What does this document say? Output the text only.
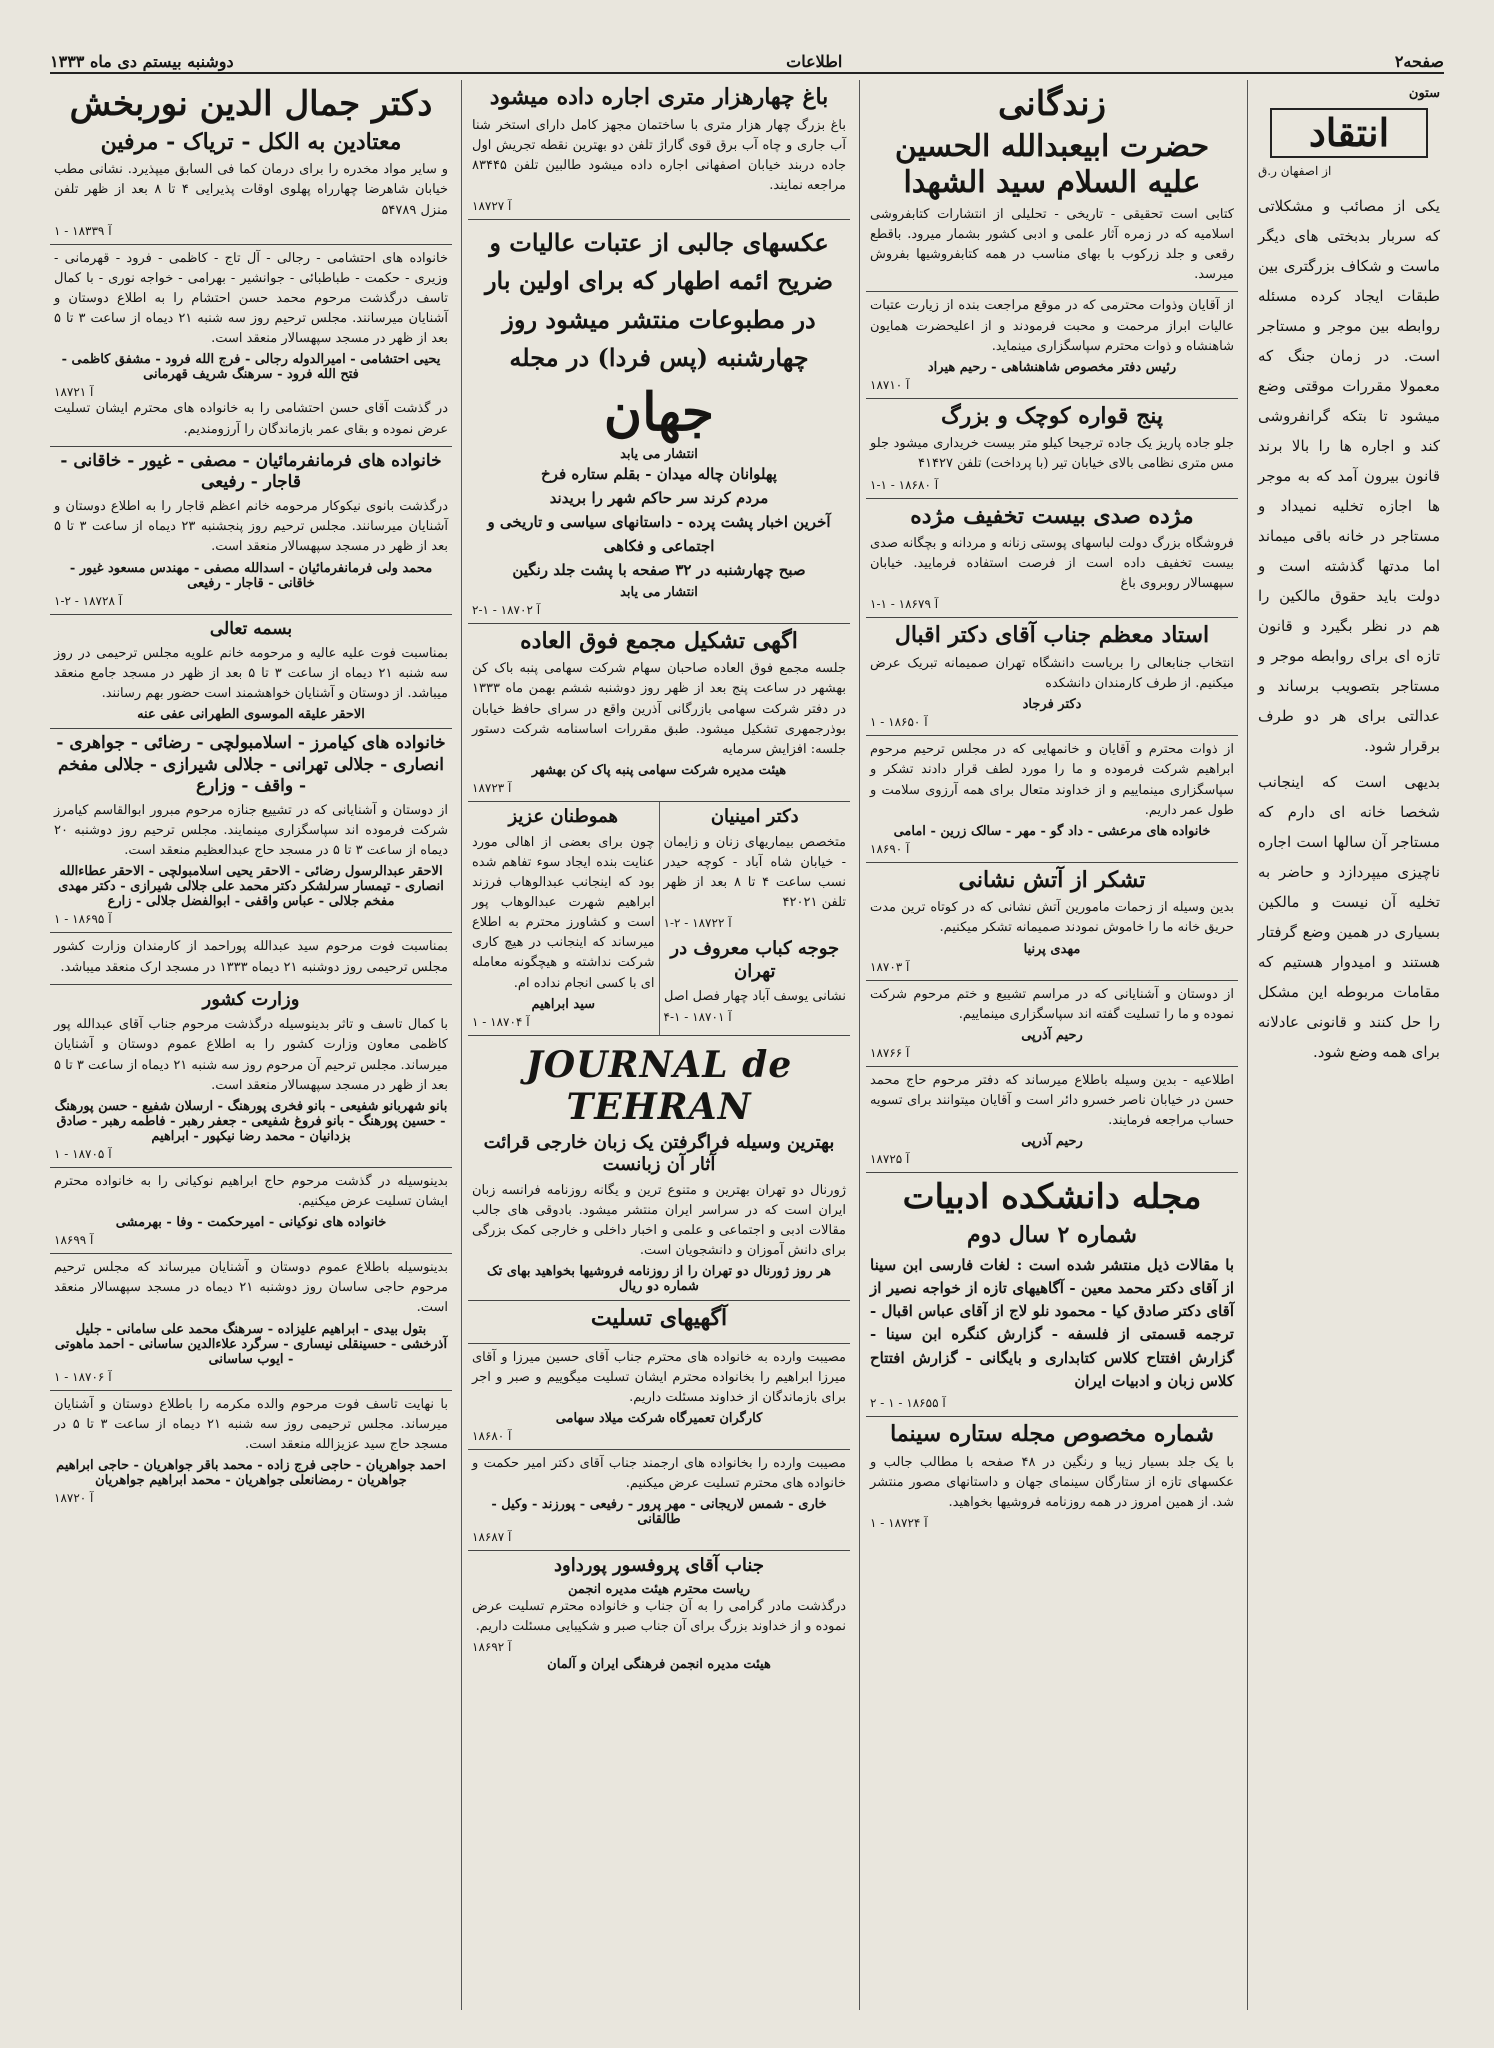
صفحه۲
اطلاعات
دوشنبه بیستم دی ماه ۱۳۳۳

ستون

انتقاد

از اصفهان ر.ق

یکی از مصائب و مشکلاتی که سربار بدبختی های دیگر ماست و شکاف بزرگتری بین طبقات ایجاد کرده مسئله روابطه بین موجر و مستاجر است. در زمان جنگ که معمولا مقررات موقتی وضع میشود تا بتکه گرانفروشی کند و اجاره ها را بالا برند قانون بیرون آمد که به موجر ها اجازه تخلیه نمیداد و مستاجر در خانه باقی میماند اما مدتها گذشته است و دولت باید حقوق مالکین را هم در نظر بگیرد و قانون تازه ای برای روابطه موجر و مستاجر بتصویب برساند و عدالتی برای هر دو طرف برقرار شود.

بدیهی است که اینجانب شخصا خانه ای دارم که مستاجر آن سالها است اجاره ناچیزی میپردازد و حاضر به تخلیه آن نیست و مالکین بسیاری در همین وضع گرفتار هستند و امیدوار هستیم که مقامات مربوطه این مشکل را حل کنند و قانونی عادلانه برای همه وضع شود.

زندگانی
حضرت ابیعبدالله الحسین علیه السلام سید الشهدا

کتابی است تحقیقی - تاریخی - تحلیلی از انتشارات کتابفروشی اسلامیه که در زمره آثار علمی و ادبی کشور بشمار میرود. باقطع رقعی و جلد زرکوب با بهای مناسب در همه کتابفروشیها بفروش میرسد.

از آقایان وذوات محترمی که در موقع مراجعت بنده از زیارت عتبات عالیات ابراز مرحمت و محبت فرمودند و از اعلیحضرت همایون شاهنشاه و ذوات محترم سپاسگزاری مینماید.

رئیس دفتر مخصوص شاهنشاهی - رحیم هیراد
آ ۱۸۷۱۰
پنج قواره کوچک و بزرگ

جلو جاده پاریز یک جاده ترجیحا کیلو متر بیست خریداری میشود جلو مس متری نظامی بالای خیابان تیر (با پرداخت) تلفن ۴۱۴۲۷

آ ۱۸۶۸۰ - ۱-۱
مژده صدی بیست تخفیف مژده

فروشگاه بزرگ دولت لباسهای پوستی زنانه و مردانه و بچگانه صدی بیست تخفیف داده است از فرصت استفاده فرمایید. خیابان سپهسالار روبروی باغ

آ ۱۸۶۷۹ - ۱-۱
استاد معظم جناب آقای دکتر اقبال

انتخاب جنابعالی را بریاست دانشگاه تهران صمیمانه تبریک عرض میکنیم. از طرف کارمندان دانشکده

دکتر فرجاد
آ ۱۸۶۵۰ - ۱

از ذوات محترم و آقایان و خانمهایی که در مجلس ترحیم مرحوم ابراهیم شرکت فرموده و ما را مورد لطف قرار دادند تشکر و سپاسگزاری مینماییم و از خداوند متعال برای همه آرزوی سلامت و طول عمر داریم.

خانواده های مرعشی - داد گو - مهر - سالک زرین - امامی
آ ۱۸۶۹۰
تشکر از آتش نشانی

بدین وسیله از زحمات مامورین آتش نشانی که در کوتاه ترین مدت حریق خانه ما را خاموش نمودند صمیمانه تشکر میکنیم.

مهدی پرنیا
آ ۱۸۷۰۳

از دوستان و آشنایانی که در مراسم تشییع و ختم مرحوم شرکت نموده و ما را تسلیت گفته اند سپاسگزاری مینماییم.

رحیم آذرپی
آ ۱۸۷۶۶

اطلاعیه - بدین وسیله باطلاع میرساند که دفتر مرحوم حاج محمد حسن در خیابان ناصر خسرو دائر است و آقایان میتوانند برای تسویه حساب مراجعه فرمایند.

رحیم آذرپی
آ ۱۸۷۲۵
مجله دانشکده ادبیات
شماره ۲ سال دوم

با مقالات ذیل منتشر شده است : لغات فارسی ابن سینا از آقای دکتر محمد معین - آگاهیهای تازه از خواجه نصیر از آقای دکتر صادق کیا - محمود نلو لاج از آقای عباس اقبال - ترجمه قسمتی از فلسفه - گزارش کنگره ابن سینا - گزارش افتتاح کلاس کتابداری و بایگانی - گزارش افتتاح کلاس زبان و ادبیات ایران

آ ۱۸۶۵۵ - ۱ - ۲
شماره مخصوص مجله ستاره سینما

با یک جلد بسیار زیبا و رنگین در ۴۸ صفحه با مطالب جالب و عکسهای تازه از ستارگان سینمای جهان و داستانهای مصور منتشر شد. از همین امروز در همه روزنامه فروشیها بخواهید.

آ ۱۸۷۲۴ - ۱
باغ چهارهزار متری اجاره داده میشود

باغ بزرگ چهار هزار متری با ساختمان مجهز کامل دارای استخر شنا آب جاری و چاه آب برق قوی گاراژ تلفن دو بهترین نقطه تجریش اول جاده دربند خیابان اصفهانی اجاره داده میشود طالبین تلفن ۸۳۴۴۵ مراجعه نمایند.

آ ۱۸۷۲۷
عکسهای جالبی از عتبات عالیات و ضریح ائمه اطهار که برای اولین بار در مطبوعات منتشر میشود روز چهارشنبه (پس فردا) در مجله
جهان
انتشار می یابد
پهلوانان چاله میدان - بقلم ستاره فرخ
مردم کرند سر حاکم شهر را بریدند
آخرین اخبار پشت پرده - داستانهای سیاسی و تاریخی و اجتماعی و فکاهی
صبح چهارشنبه در ۳۲ صفحه با پشت جلد رنگین
انتشار می یابد
آ ۱۸۷۰۲ - ۱-۲
اگهی تشکیل مجمع فوق العاده

جلسه مجمع فوق العاده صاحبان سهام شرکت سهامی پنبه باک کن بهشهر در ساعت پنج بعد از ظهر روز دوشنبه ششم بهمن ماه ۱۳۳۳ در دفتر شرکت سهامی بازرگانی آذرین واقع در سرای حافظ خیابان بوذرجمهری تشکیل میشود. طبق مقررات اساسنامه شرکت دستور جلسه: افزایش سرمایه

هیئت مدیره شرکت سهامی پنبه پاک کن بهشهر
آ ۱۸۷۲۳
دکتر امینیان

متخصص بیماریهای زنان و زایمان - خیابان شاه آباد - کوچه حیدر نسب ساعت ۴ تا ۸ بعد از ظهر تلفن ۴۲۰۲۱

آ ۱۸۷۲۲ - ۲-۱
جوجه کباب معروف در تهران

نشانی یوسف آباد چهار فصل اصل

آ ۱۸۷۰۱ - ۱-۴
هموطنان عزیز

چون برای بعضی از اهالی مورد عنایت بنده ایجاد سوء تفاهم شده بود که اینجانب عبدالوهاب فرزند ابراهیم شهرت عبدالوهاب پور است و کشاورز محترم به اطلاع میرساند که اینجانب در هیچ کاری شرکت نداشته و هیچگونه معامله ای با کسی انجام نداده ام.

سید ابراهیم
آ ۱۸۷۰۴ - ۱
JOURNAL de TEHRAN
بهترین وسیله فراگرفتن یک زبان خارجی قرائت آثار آن زبانست

ژورنال دو تهران بهترین و متنوع ترین و یگانه روزنامه فرانسه زبان ایران است که در سراسر ایران منتشر میشود. بادوقی های جالب مقالات ادبی و اجتماعی و علمی و اخبار داخلی و خارجی کمک بزرگی برای دانش آموزان و دانشجویان است.

هر روز ژورنال دو تهران را از روزنامه فروشیها بخواهید بهای تک شماره دو ریال
آگهیهای تسلیت

مصیبت وارده به خانواده های محترم جناب آقای حسین میرزا و آقای میرزا ابراهیم را بخانواده محترم ایشان تسلیت میگوییم و صبر و اجر برای بازماندگان از خداوند مسئلت داریم.

کارگران تعمیرگاه شرکت میلاد سهامی
آ ۱۸۶۸۰

مصیبت وارده را بخانواده های ارجمند جناب آقای دکتر امیر حکمت و خانواده های محترم تسلیت عرض میکنیم.

خاری - شمس لاریجانی - مهر پرور - رفیعی - پورزند - وکیل - طالقانی
آ ۱۸۶۸۷
جناب آقای پروفسور پورداود
ریاست محترم هیئت مدیره انجمن

درگذشت مادر گرامی را به آن جناب و خانواده محترم تسلیت عرض نموده و از خداوند بزرگ برای آن جناب صبر و شکیبایی مسئلت داریم.

آ ۱۸۶۹۲
هیئت مدیره انجمن فرهنگی ایران و آلمان
دکتر جمال الدین نوربخش
معتادین به الکل - تریاک - مرفین

و سایر مواد مخدره را برای درمان کما فی السابق میپذیرد. نشانی مطب خیابان شاهرضا چهارراه پهلوی اوقات پذیرایی ۴ تا ۸ بعد از ظهر تلفن منزل ۵۴۷۸۹

آ ۱۸۳۳۹ - ۱

خانواده های احتشامی - رجالی - آل تاج - کاظمی - فرود - قهرمانی - وزیری - حکمت - طباطبائی - جوانشیر - بهرامی - خواجه نوری - با کمال تاسف درگذشت مرحوم محمد حسن احتشام را به اطلاع دوستان و آشنایان میرسانند. مجلس ترحیم روز سه شنبه ۲۱ دیماه از ساعت ۳ تا ۵ بعد از ظهر در مسجد سپهسالار منعقد است.

یحیی احتشامی - امیرالدوله رجالی - فرج الله فرود - مشفق کاظمی - فتح الله فرود - سرهنگ شریف قهرمانی
آ ۱۸۷۲۱

در گذشت آقای حسن احتشامی را به خانواده های محترم ایشان تسلیت عرض نموده و بقای عمر بازماندگان را آرزومندیم.

خانواده های فرمانفرمائیان - مصفی - غیور - خاقانی - قاجار - رفیعی

درگذشت بانوی نیکوکار مرحومه خانم اعظم قاجار را به اطلاع دوستان و آشنایان میرسانند. مجلس ترحیم روز پنجشنبه ۲۳ دیماه از ساعت ۳ تا ۵ بعد از ظهر در مسجد سپهسالار منعقد است.

محمد ولی فرمانفرمائیان - اسدالله مصفی - مهندس مسعود غیور - خاقانی - قاجار - رفیعی
آ ۱۸۷۲۸ - ۲-۱
بسمه تعالی

بمناسبت فوت علیه عالیه و مرحومه خانم علویه مجلس ترحیمی در روز سه شنبه ۲۱ دیماه از ساعت ۳ تا ۵ بعد از ظهر در مسجد جامع منعقد میباشد. از دوستان و آشنایان خواهشمند است حضور بهم رسانند.

الاحقر علیقه الموسوی الطهرانی عفی عنه
خانواده های کیامرز - اسلامبولچی - رضائی - جواهری - انصاری - جلالی تهرانی - جلالی شیرازی - جلالی مفخم - واقف - وزارع

از دوستان و آشنایانی که در تشییع جنازه مرحوم مبرور ابوالقاسم کیامرز شرکت فرموده اند سپاسگزاری مینمایند. مجلس ترحیم روز دوشنبه ۲۰ دیماه از ساعت ۳ تا ۵ در مسجد حاج عبدالعظیم منعقد است.

الاحقر عبدالرسول رضائی - الاحقر یحیی اسلامبولچی - الاحقر عطاءالله انصاری - تیمسار سرلشکر دکتر محمد علی جلالی شیرازی - دکتر مهدی مفخم جلالی - عباس واقفی - ابوالفضل جلالی - زارع
آ ۱۸۶۹۵ - ۱

بمناسبت فوت مرحوم سید عبدالله پوراحمد از کارمندان وزارت کشور مجلس ترحیمی روز دوشنبه ۲۱ دیماه ۱۳۳۳ در مسجد ارک منعقد میباشد.

وزارت کشور

با کمال تاسف و تاثر بدینوسیله درگذشت مرحوم جناب آقای عبدالله پور کاظمی معاون وزارت کشور را به اطلاع عموم دوستان و آشنایان میرساند. مجلس ترحیم آن مرحوم روز سه شنبه ۲۱ دیماه از ساعت ۳ تا ۵ بعد از ظهر در مسجد سپهسالار منعقد است.

بانو شهربانو شفیعی - بانو فخری پورهنگ - ارسلان شفیع - حسن پورهنگ - حسین پورهنگ - بانو فروغ شفیعی - جعفر رهبر - فاطمه رهبر - صادق بزدانیان - محمد رضا نیکپور - ابراهیم
آ ۱۸۷۰۵ - ۱

بدینوسیله در گذشت مرحوم حاج ابراهیم نوکیانی را به خانواده محترم ایشان تسلیت عرض میکنیم.

خانواده های نوکیانی - امیرحکمت - وفا - بهرمشی
آ ۱۸۶۹۹

بدینوسیله باطلاع عموم دوستان و آشنایان میرساند که مجلس ترحیم مرحوم حاجی ساسان روز دوشنبه ۲۱ دیماه در مسجد سپهسالار منعقد است.

بتول بیدی - ابراهیم علیزاده - سرهنگ محمد علی سامانی - جلیل آذرخشی - حسینقلی نیساری - سرگرد علاءالدین ساسانی - احمد ماهوتی - ایوب ساسانی
آ ۱۸۷۰۶ - ۱

با نهایت تاسف فوت مرحوم والده مکرمه را باطلاع دوستان و آشنایان میرساند. مجلس ترحیمی روز سه شنبه ۲۱ دیماه از ساعت ۳ تا ۵ در مسجد حاج سید عزیزالله منعقد است.

احمد جواهریان - حاجی فرج زاده - محمد باقر جواهریان - حاجی ابراهیم جواهریان - رمضانعلی جواهریان - محمد ابراهیم جواهریان
آ ۱۸۷۲۰
